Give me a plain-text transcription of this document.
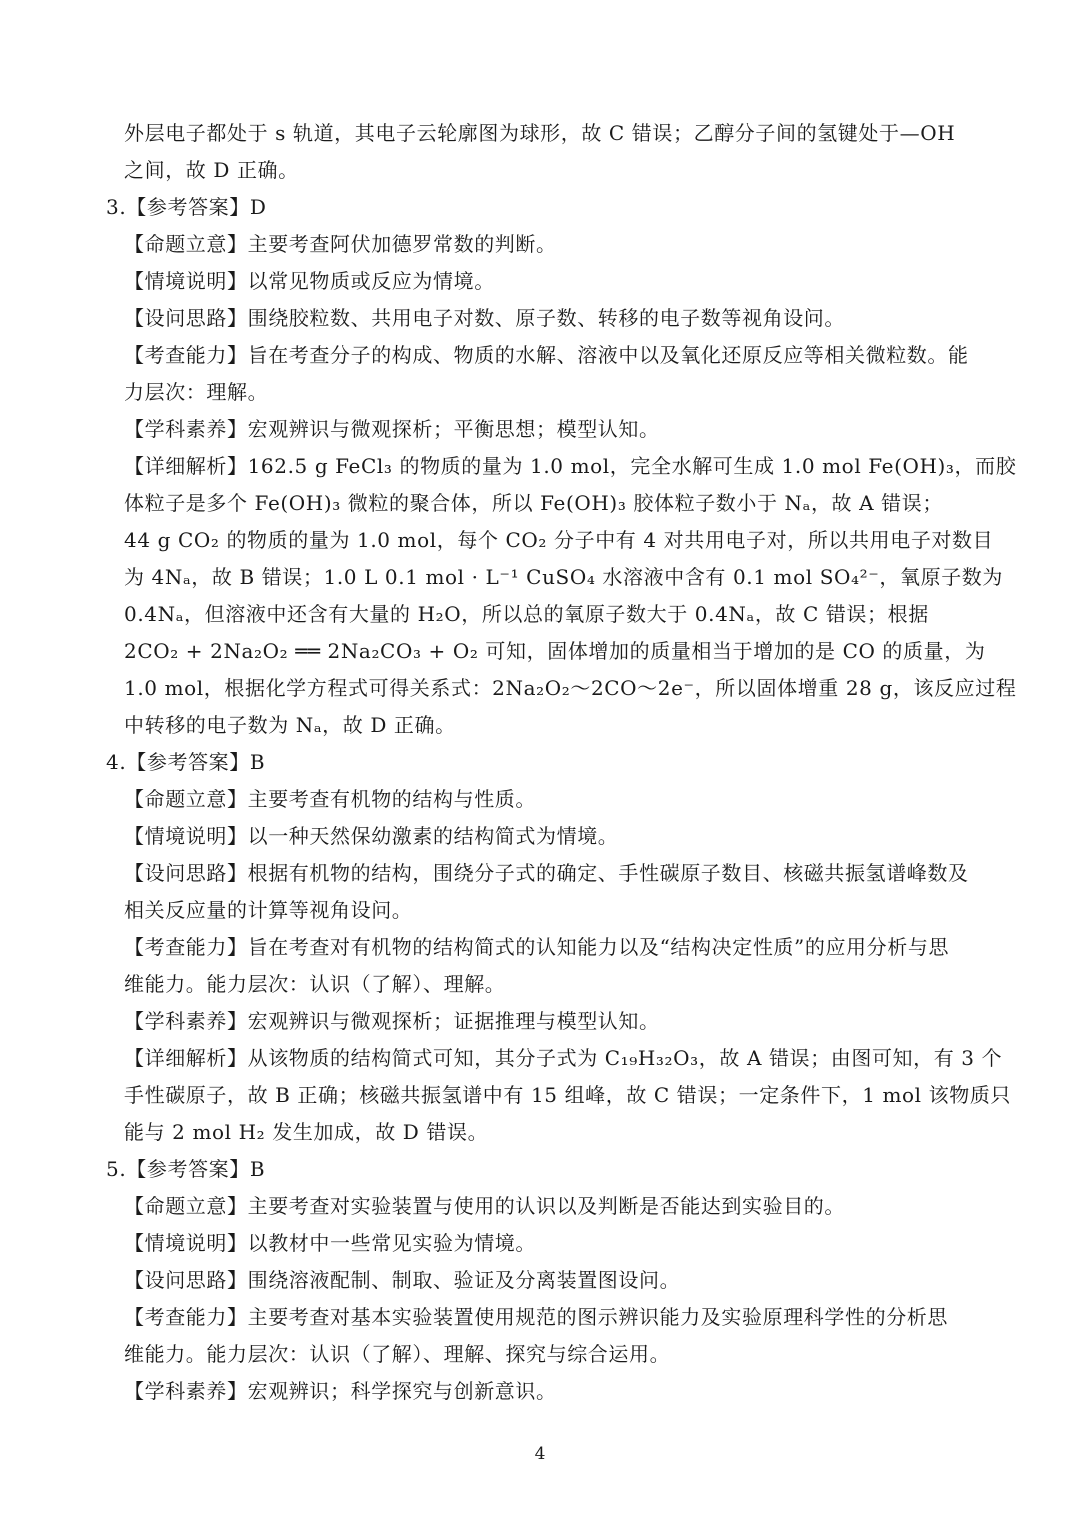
外层电子都处于 s 轨道，其电子云轮廓图为球形，故 C 错误；乙醇分子间的氢键处于—OH
之间，故 D 正确。
3.【参考答案】D
【命题立意】主要考查阿伏加德罗常数的判断。
【情境说明】以常见物质或反应为情境。
【设问思路】围绕胶粒数、共用电子对数、原子数、转移的电子数等视角设问。
【考查能力】旨在考查分子的构成、物质的水解、溶液中以及氧化还原反应等相关微粒数。能
力层次：理解。
【学科素养】宏观辨识与微观探析；平衡思想；模型认知。
【详细解析】162.5 g FeCl₃ 的物质的量为 1.0 mol，完全水解可生成 1.0 mol Fe(OH)₃，而胶
体粒子是多个 Fe(OH)₃ 微粒的聚合体，所以 Fe(OH)₃ 胶体粒子数小于 Nₐ，故 A 错误；
44 g CO₂ 的物质的量为 1.0 mol，每个 CO₂ 分子中有 4 对共用电子对，所以共用电子对数目
为 4Nₐ，故 B 错误；1.0 L 0.1 mol · L⁻¹ CuSO₄ 水溶液中含有 0.1 mol SO₄²⁻，氧原子数为
0.4Nₐ，但溶液中还含有大量的 H₂O，所以总的氧原子数大于 0.4Nₐ，故 C 错误；根据
2CO₂ + 2Na₂O₂ ══ 2Na₂CO₃ + O₂ 可知，固体增加的质量相当于增加的是 CO 的质量，为
1.0 mol，根据化学方程式可得关系式：2Na₂O₂～2CO～2e⁻，所以固体增重 28 g，该反应过程
中转移的电子数为 Nₐ，故 D 正确。
4.【参考答案】B
【命题立意】主要考查有机物的结构与性质。
【情境说明】以一种天然保幼激素的结构简式为情境。
【设问思路】根据有机物的结构，围绕分子式的确定、手性碳原子数目、核磁共振氢谱峰数及
相关反应量的计算等视角设问。
【考查能力】旨在考查对有机物的结构简式的认知能力以及“结构决定性质”的应用分析与思
维能力。能力层次：认识（了解）、理解。
【学科素养】宏观辨识与微观探析；证据推理与模型认知。
【详细解析】从该物质的结构简式可知，其分子式为 C₁₉H₃₂O₃，故 A 错误；由图可知，有 3 个
手性碳原子，故 B 正确；核磁共振氢谱中有 15 组峰，故 C 错误；一定条件下，1 mol 该物质只
能与 2 mol H₂ 发生加成，故 D 错误。
5.【参考答案】B
【命题立意】主要考查对实验装置与使用的认识以及判断是否能达到实验目的。
【情境说明】以教材中一些常见实验为情境。
【设问思路】围绕溶液配制、制取、验证及分离装置图设问。
【考查能力】主要考查对基本实验装置使用规范的图示辨识能力及实验原理科学性的分析思
维能力。能力层次：认识（了解）、理解、探究与综合运用。
【学科素养】宏观辨识；科学探究与创新意识。
4
